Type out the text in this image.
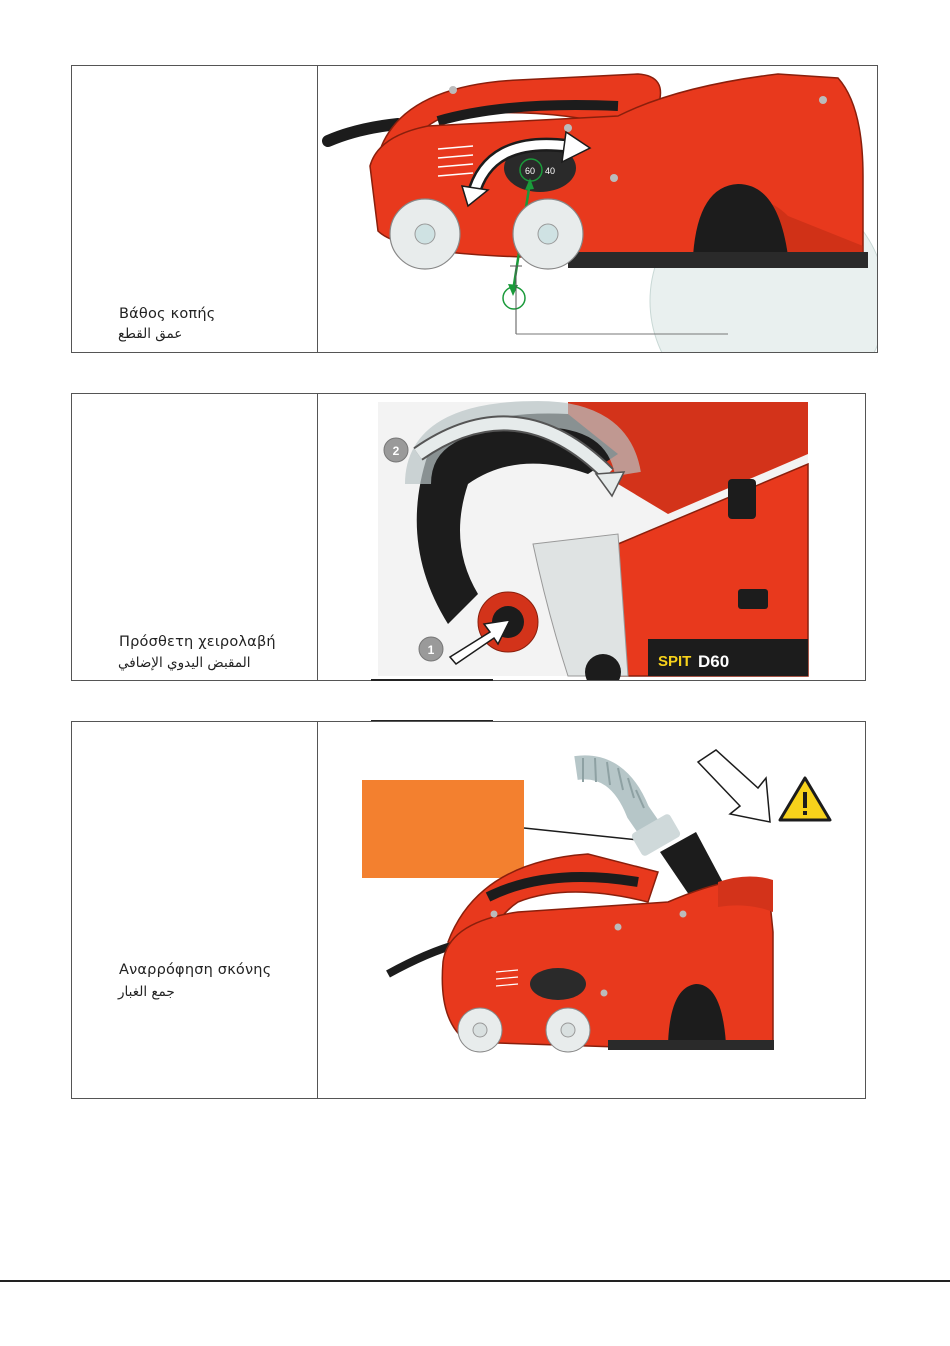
Βάθος κοπής
عمق القطع
60 40
Πρόσθετη χειρολαβή
المقبض اليدوي الإضافي
2
1
SPIT D60
Αναρρόφηση σκόνης
جمع الغبار
